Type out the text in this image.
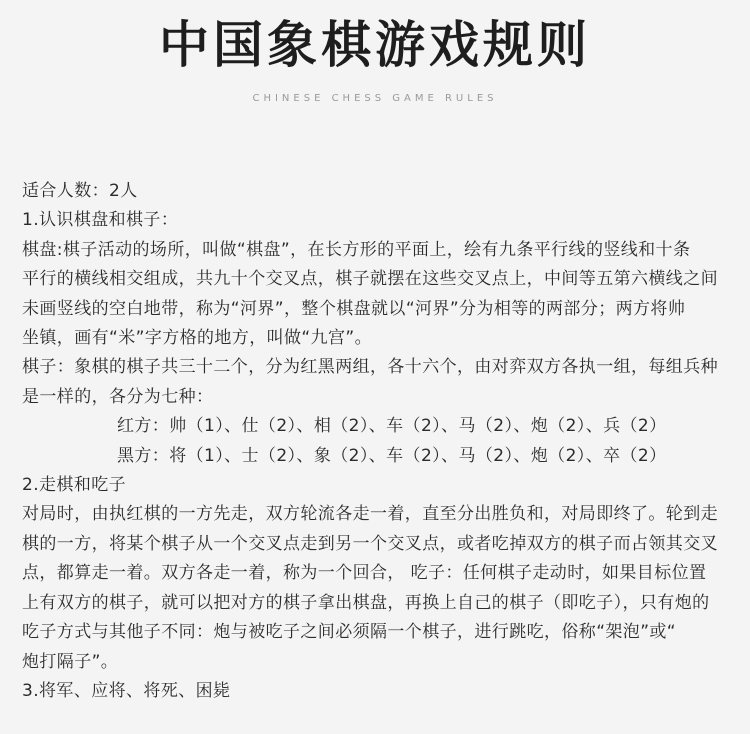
中国象棋游戏规则
CHINESE CHESS GAME RULES
适合人数：2人
1.认识棋盘和棋子：
棋盘:棋子活动的场所，叫做“棋盘”，在长方形的平面上，绘有九条平行线的竖线和十条
平行的横线相交组成，共九十个交叉点，棋子就摆在这些交叉点上，中间等五第六横线之间
未画竖线的空白地带，称为“河界”，整个棋盘就以“河界”分为相等的两部分；两方将帅
坐镇，画有“米”字方格的地方，叫做“九宫”。
棋子：象棋的棋子共三十二个，分为红黑两组，各十六个，由对弈双方各执一组，每组兵种
是一样的，各分为七种：
红方：帅（1）、仕（2）、相（2）、车（2）、马（2）、炮（2）、兵（2）
黑方：将（1）、士（2）、象（2）、车（2）、马（2）、炮（2）、卒（2）
2.走棋和吃子
对局时，由执红棋的一方先走，双方轮流各走一着，直至分出胜负和，对局即终了。轮到走
棋的一方，将某个棋子从一个交叉点走到另一个交叉点，或者吃掉双方的棋子而占领其交叉
点，都算走一着。双方各走一着，称为一个回合， 吃子：任何棋子走动时，如果目标位置
上有双方的棋子，就可以把对方的棋子拿出棋盘，再换上自己的棋子（即吃子），只有炮的
吃子方式与其他子不同：炮与被吃子之间必须隔一个棋子，进行跳吃，俗称“架泡”或“
炮打隔子”。
3.将军、应将、将死、困毙
